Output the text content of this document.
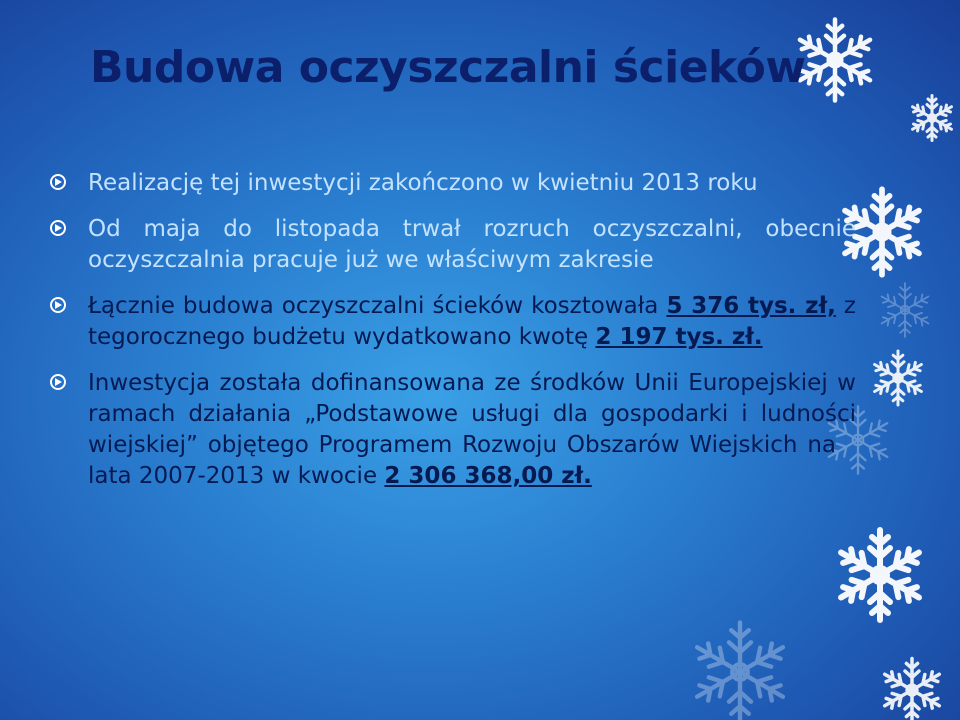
Budowa oczyszczalni ścieków
Realizację tej inwestycji zakończono w kwietniu 2013 roku
Od maja do listopada trwał rozruch oczyszczalni, obecnie oczyszczalnia pracuje już we właściwym zakresie
Łącznie budowa oczyszczalni ścieków kosztowała 5 376 tys. zł, z tegorocznego budżetu wydatkowano kwotę 2 197 tys. zł.
Inwestycja została dofinansowana ze środków Unii Europejskiej w ramach działania „Podstawowe usługi dla gospodarki i ludności wiejskiej” objętego Programem Rozwoju Obszarów Wiejskich na lata 2007-2013 w kwocie 2 306 368,00 zł.
